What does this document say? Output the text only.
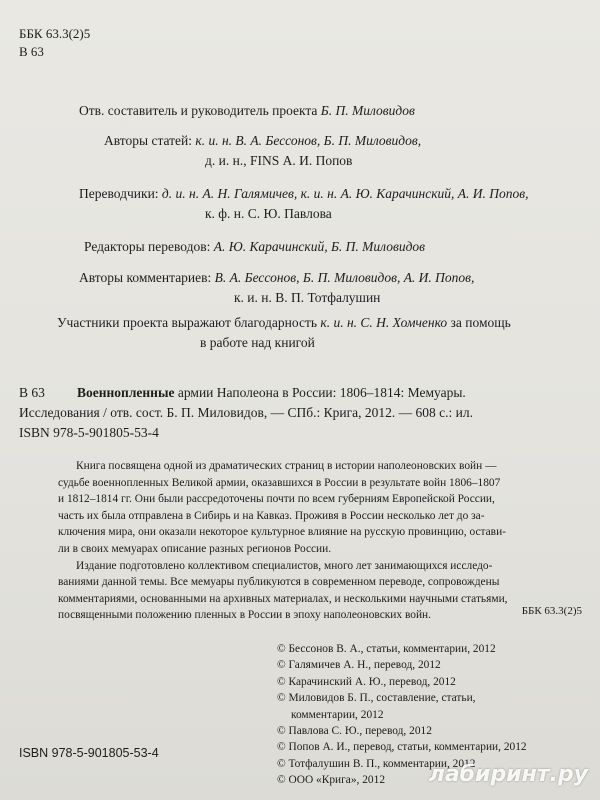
ББК 63.3(2)5
В 63
Отв. составитель и руководитель проекта Б. П. Миловидов
Авторы статей: к. и. н. В. А. Бессонов, Б. П. Миловидов,
д. и. н., FINS А. И. Попов
Переводчики: д. и. н. А. Н. Галямичев, к. и. н. А. Ю. Карачинский, А. И. Попов,
к. ф. н. С. Ю. Павлова
Редакторы переводов: А. Ю. Карачинский, Б. П. Миловидов
Авторы комментариев: В. А. Бессонов, Б. П. Миловидов, А. И. Попов,
к. и. н. В. П. Тотфалушин
Участники проекта выражают благодарность к. и. н. С. Н. Хомченко за помощь
в работе над книгой
В 63 Военнопленные армии Наполеона в России: 1806–1814: Мемуары.
Исследования / отв. сост. Б. П. Миловидов, — СПб.: Крига, 2012. — 608 с.: ил.
ISBN 978-5-901805-53-4
Книга посвящена одной из драматических страниц в истории наполеоновских войн —
судьбе военнопленных Великой армии, оказавшихся в России в результате войн 1806–1807
и 1812–1814 гг. Они были рассредоточены почти по всем губерниям Европейской России,
часть их была отправлена в Сибирь и на Кавказ. Проживя в России несколько лет до за-
ключения мира, они оказали некоторое культурное влияние на русскую провинцию, остави-
ли в своих мемуарах описание разных регионов России.
Издание подготовлено коллективом специалистов, много лет занимающихся исследо-
ваниями данной темы. Все мемуары публикуются в современном переводе, сопровождены
комментариями, основанными на архивных материалах, и несколькими научными статьями,
посвященными положению пленных в России в эпоху наполеоновских войн.	ББК 63.3(2)5
© Бессонов В. А., статьи, комментарии, 2012
© Галямичев А. Н., перевод, 2012
© Карачинский А. Ю., перевод, 2012
© Миловидов Б. П., составление, статьи,
комментарии, 2012
© Павлова С. Ю., перевод, 2012
© Попов А. И., перевод, статьи, комментарии, 2012
© Тотфалушин В. П., комментарии, 2012
© ООО «Крига», 2012
ISBN 978-5-901805-53-4
лабиринт.ру
